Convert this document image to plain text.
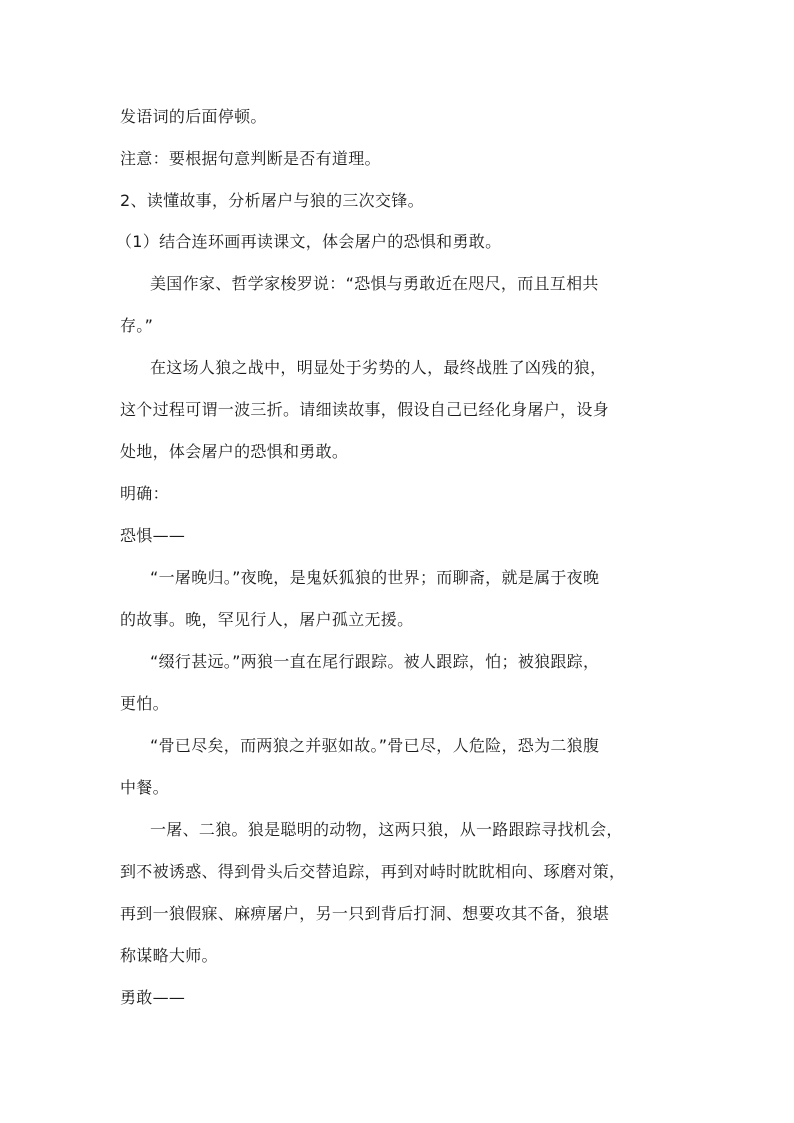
发语词的后面停顿。
注意：要根据句意判断是否有道理。
2、读懂故事，分析屠户与狼的三次交锋。
（1）结合连环画再读课文，体会屠户的恐惧和勇敢。
美国作家、哲学家梭罗说：“恐惧与勇敢近在咫尺，而且互相共
存。”
在这场人狼之战中，明显处于劣势的人，最终战胜了凶残的狼，
这个过程可谓一波三折。请细读故事，假设自己已经化身屠户，设身
处地，体会屠户的恐惧和勇敢。
明确：
恐惧——
“一屠晚归。”夜晚，是鬼妖狐狼的世界；而聊斋，就是属于夜晚
的故事。晚，罕见行人，屠户孤立无援。
“缀行甚远。”两狼一直在尾行跟踪。被人跟踪，怕；被狼跟踪，
更怕。
“骨已尽矣，而两狼之并驱如故。”骨已尽，人危险，恐为二狼腹
中餐。
一屠、二狼。狼是聪明的动物，这两只狼，从一路跟踪寻找机会，
到不被诱惑、得到骨头后交替追踪，再到对峙时眈眈相向、琢磨对策，
再到一狼假寐、麻痹屠户，另一只到背后打洞、想要攻其不备，狼堪
称谋略大师。
勇敢——
